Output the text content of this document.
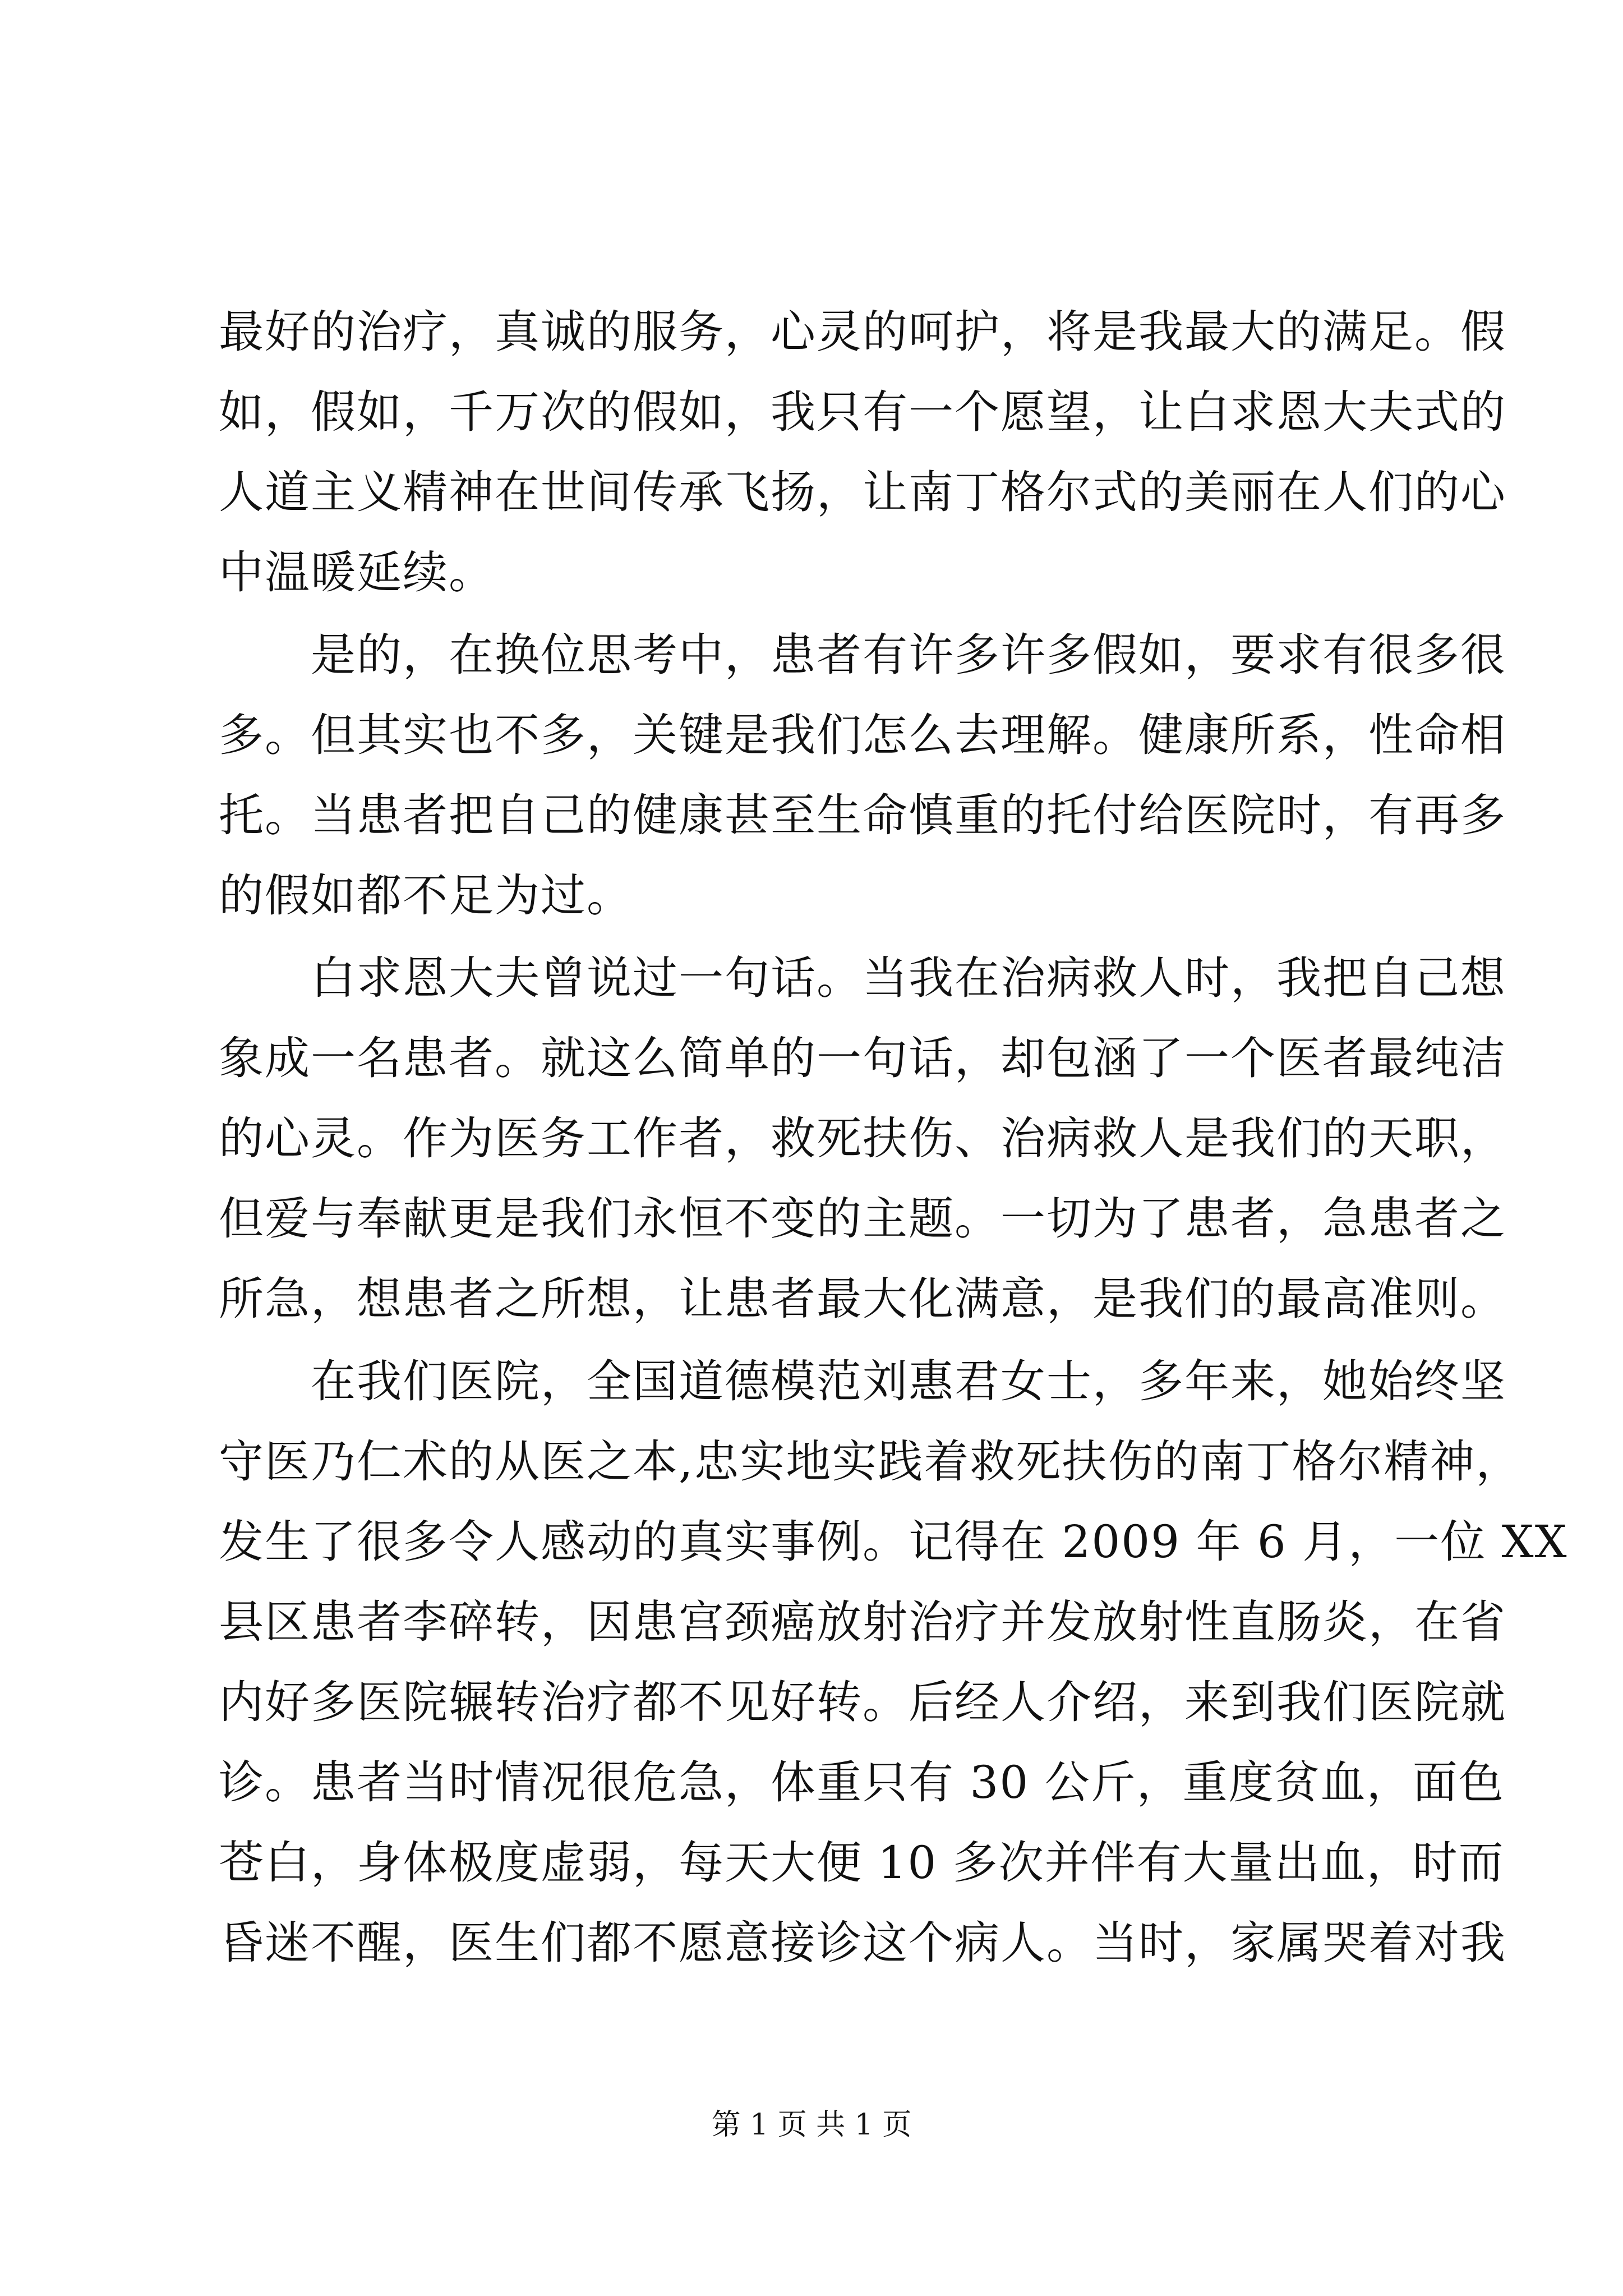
最好的治疗，真诚的服务，心灵的呵护，将是我最大的满足。假
如，假如，千万次的假如，我只有一个愿望，让白求恩大夫式的
人道主义精神在世间传承飞扬，让南丁格尔式的美丽在人们的心
中温暖延续。
　　是的，在换位思考中，患者有许多许多假如，要求有很多很
多。但其实也不多，关键是我们怎么去理解。健康所系，性命相
托。当患者把自己的健康甚至生命慎重的托付给医院时，有再多
的假如都不足为过。
　　白求恩大夫曾说过一句话。当我在治病救人时，我把自己想
象成一名患者。就这么简单的一句话，却包涵了一个医者最纯洁
的心灵。作为医务工作者，救死扶伤、治病救人是我们的天职，
但爱与奉献更是我们永恒不变的主题。一切为了患者，急患者之
所急，想患者之所想，让患者最大化满意，是我们的最高准则。
　　在我们医院，全国道德模范刘惠君女士，多年来，她始终坚
守医乃仁术的从医之本,忠实地实践着救死扶伤的南丁格尔精神，
发生了很多令人感动的真实事例。记得在 2009 年 6 月，一位 XX
县区患者李碎转，因患宫颈癌放射治疗并发放射性直肠炎，在省
内好多医院辗转治疗都不见好转。后经人介绍，来到我们医院就
诊。患者当时情况很危急，体重只有 30 公斤，重度贫血，面色
苍白，身体极度虚弱，每天大便 10 多次并伴有大量出血，时而
昏迷不醒，医生们都不愿意接诊这个病人。当时，家属哭着对我
第 1 页 共 1 页
